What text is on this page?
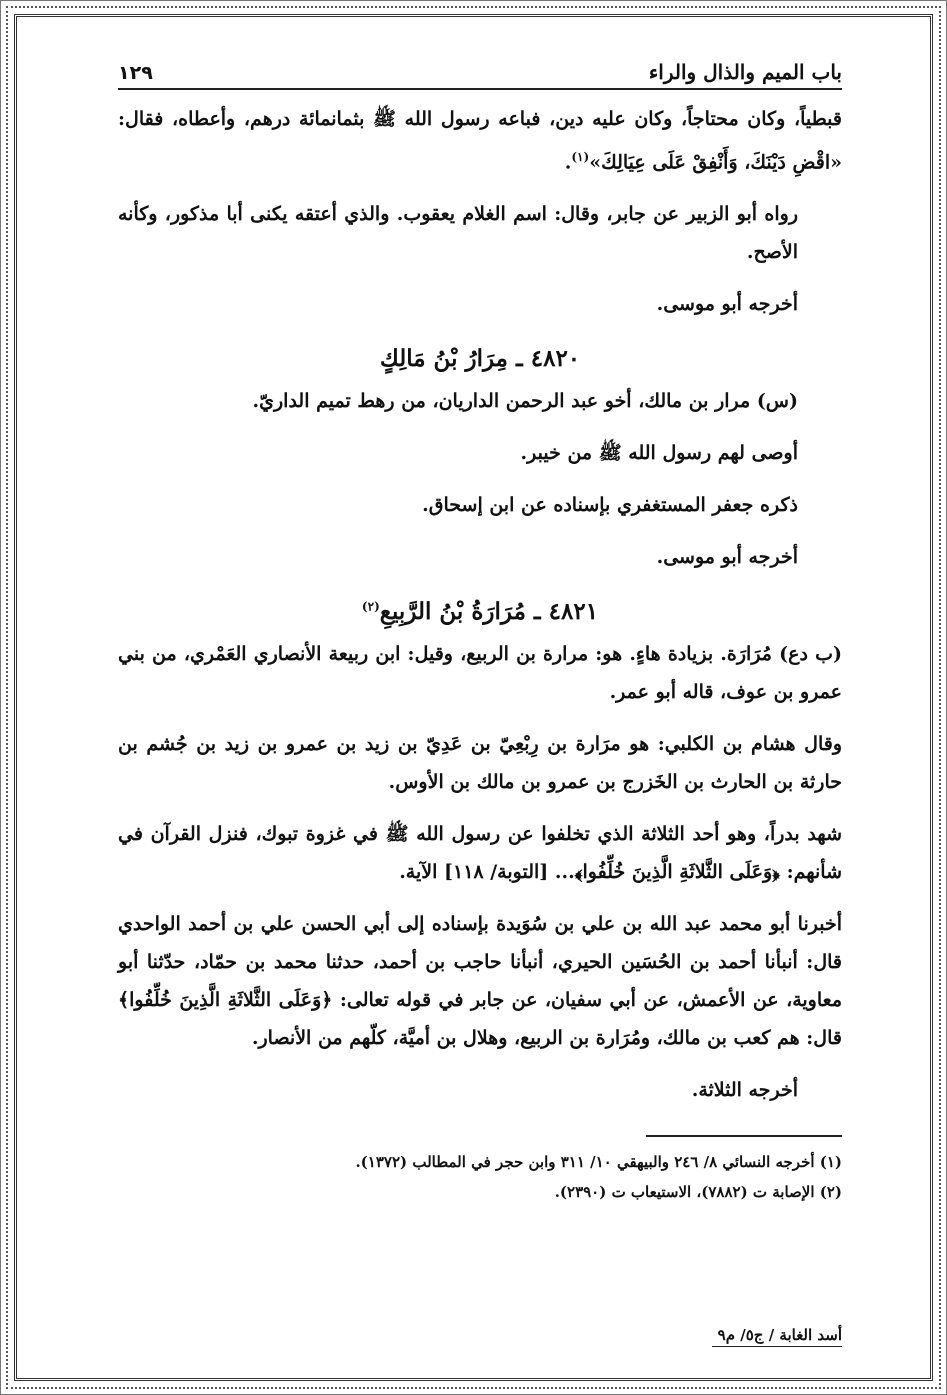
باب الميم والذال والراء
١٢٩

قبطياً، وكان محتاجاً، وكان عليه دين، فباعه رسول الله ﷺ بثمانمائة درهم، وأعطاه، فقال: «اقْضِ دَيْنَكَ، وَأَنْفِقْ عَلَى عِيَالِكَ»$^{(١)}$.

رواه أبو الزبير عن جابر، وقال: اسم الغلام يعقوب. والذي أعتقه يكنى أبا مذكور، وكأنه الأصح.

أخرجه أبو موسى.

٤٨٢٠ ـ مِرَارُ بْنُ مَالِكٍ

(س) مرار بن مالك، أخو عبد الرحمن الداريان، من رهط تميم الداريّ.

أوصى لهم رسول الله ﷺ من خيبر.

ذكره جعفر المستغفري بإسناده عن ابن إسحاق.

أخرجه أبو موسى.

٤٨٢١ ـ مُرَارَةُ بْنُ الرَّبِيعِ$^{(٢)}$

(ب دع) مُرَارَة. بزيادة هاءٍ. هو: مرارة بن الربيع، وقيل: ابن ربيعة الأنصاري العَمْري، من بني عمرو بن عوف، قاله أبو عمر.

وقال هشام بن الكلبي: هو مرَارة بن رِبْعِيّ بن عَدِيّ بن زيد بن عمرو بن زيد بن جُشم بن حارثة بن الحارث بن الخَزرج بن عمرو بن مالك بن الأوس.

شهد بدراً، وهو أحد الثلاثة الذي تخلفوا عن رسول الله ﷺ في غزوة تبوك، فنزل القرآن في شأنهم: ﴿وَعَلَى الثَّلاثَةِ الَّذِينَ خُلِّفُوا﴾... [التوبة/ ١١٨] الآية.

أخبرنا أبو محمد عبد الله بن علي بن سُوَيدة بإسناده إلى أبي الحسن علي بن أحمد الواحدي قال: أنبأنا أحمد بن الحُسَين الحيري، أنبأنا حاجب بن أحمد، حدثنا محمد بن حمّاد، حدّثنا أبو معاوية، عن الأعمش، عن أبي سفيان، عن جابر في قوله تعالى: ﴿وَعَلَى الثَّلاثَةِ الَّذِينَ خُلِّفُوا﴾ قال: هم كعب بن مالك، ومُرَارة بن الربيع، وهلال بن أميَّة، كلّهم من الأنصار.

أخرجه الثلاثة.

(١) أخرجه النسائي ٨/ ٢٤٦ والبيهقي ١٠/ ٣١١ وابن حجر في المطالب (١٣٧٢).

(٢) الإصابة ت (٧٨٨٢)، الاستيعاب ت (٢٣٩٠).

أسد الغابة / ج٥/ م٩
